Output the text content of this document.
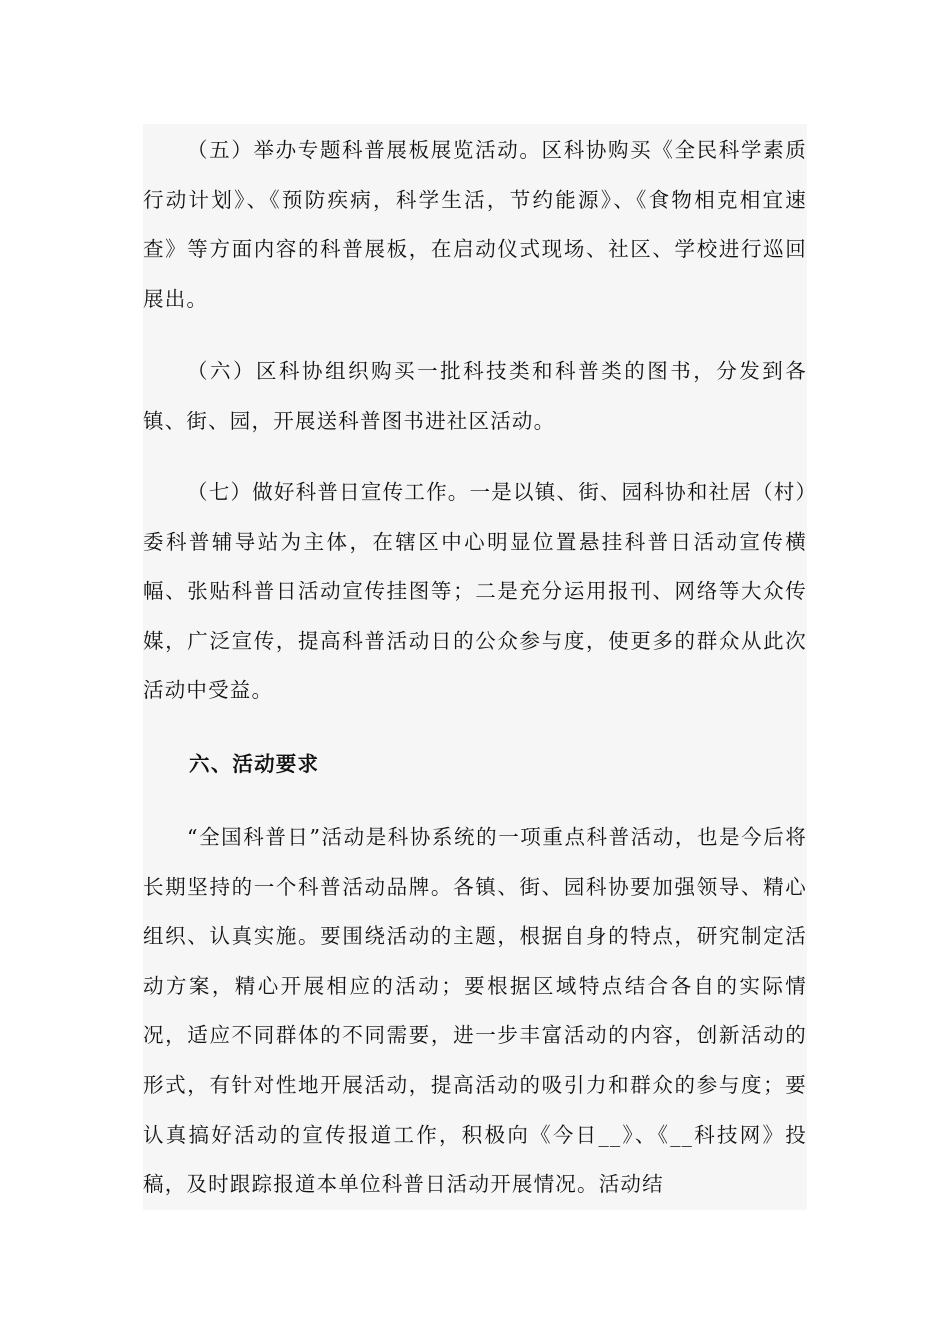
（五）举办专题科普展板展览活动。区科协购买《全民科学素质行动计划》、《预防疾病，科学生活，节约能源》、《食物相克相宜速查》等方面内容的科普展板，在启动仪式现场、社区、学校进行巡回展出。
（六）区科协组织购买一批科技类和科普类的图书，分发到各镇、街、园，开展送科普图书进社区活动。
（七）做好科普日宣传工作。一是以镇、街、园科协和社居（村）委科普辅导站为主体，在辖区中心明显位置悬挂科普日活动宣传横幅、张贴科普日活动宣传挂图等；二是充分运用报刊、网络等大众传媒，广泛宣传，提高科普活动日的公众参与度，使更多的群众从此次活动中受益。
六、活动要求
“全国科普日”活动是科协系统的一项重点科普活动，也是今后将长期坚持的一个科普活动品牌。各镇、街、园科协要加强领导、精心组织、认真实施。要围绕活动的主题，根据自身的特点，研究制定活动方案，精心开展相应的活动；要根据区域特点结合各自的实际情况，适应不同群体的不同需要，进一步丰富活动的内容，创新活动的形式，有针对性地开展活动，提高活动的吸引力和群众的参与度；要认真搞好活动的宣传报道工作，积极向《今日__》、《__科技网》投稿，及时跟踪报道本单位科普日活动开展情况。活动结
